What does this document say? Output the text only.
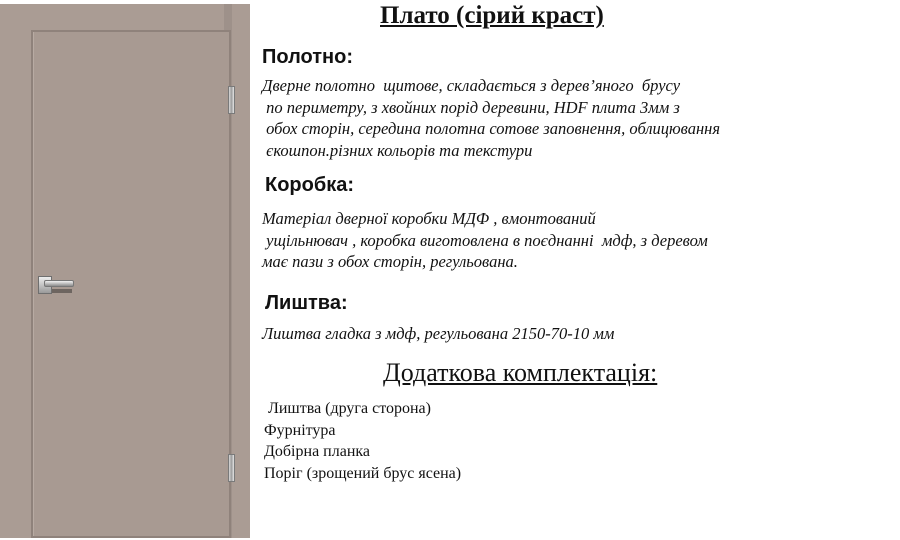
Плато (сірий краст)
Полотно:

Дверне полотно  щитове, складається з дерев’яного  брусу
по периметру, з хвойних порід деревини, HDF плита 3мм з
обох сторін, середина полотна сотове заповнення, облицювання
єкошпон.різних кольорів та текстури

Коробка:

Матеріал дверної коробки МДФ , вмонтований
ущільнювач , коробка виготовлена в поєднанні  мдф, з деревом
має пази з обох сторін, регульована.

Лиштва:

Лиштва гладка з мдф, регульована 2150-70-10 мм

Додаткова комплектація:
Лиштва (друга сторона)
Фурнітура
Добірна планка
Поріг (зрощений брус ясена)
